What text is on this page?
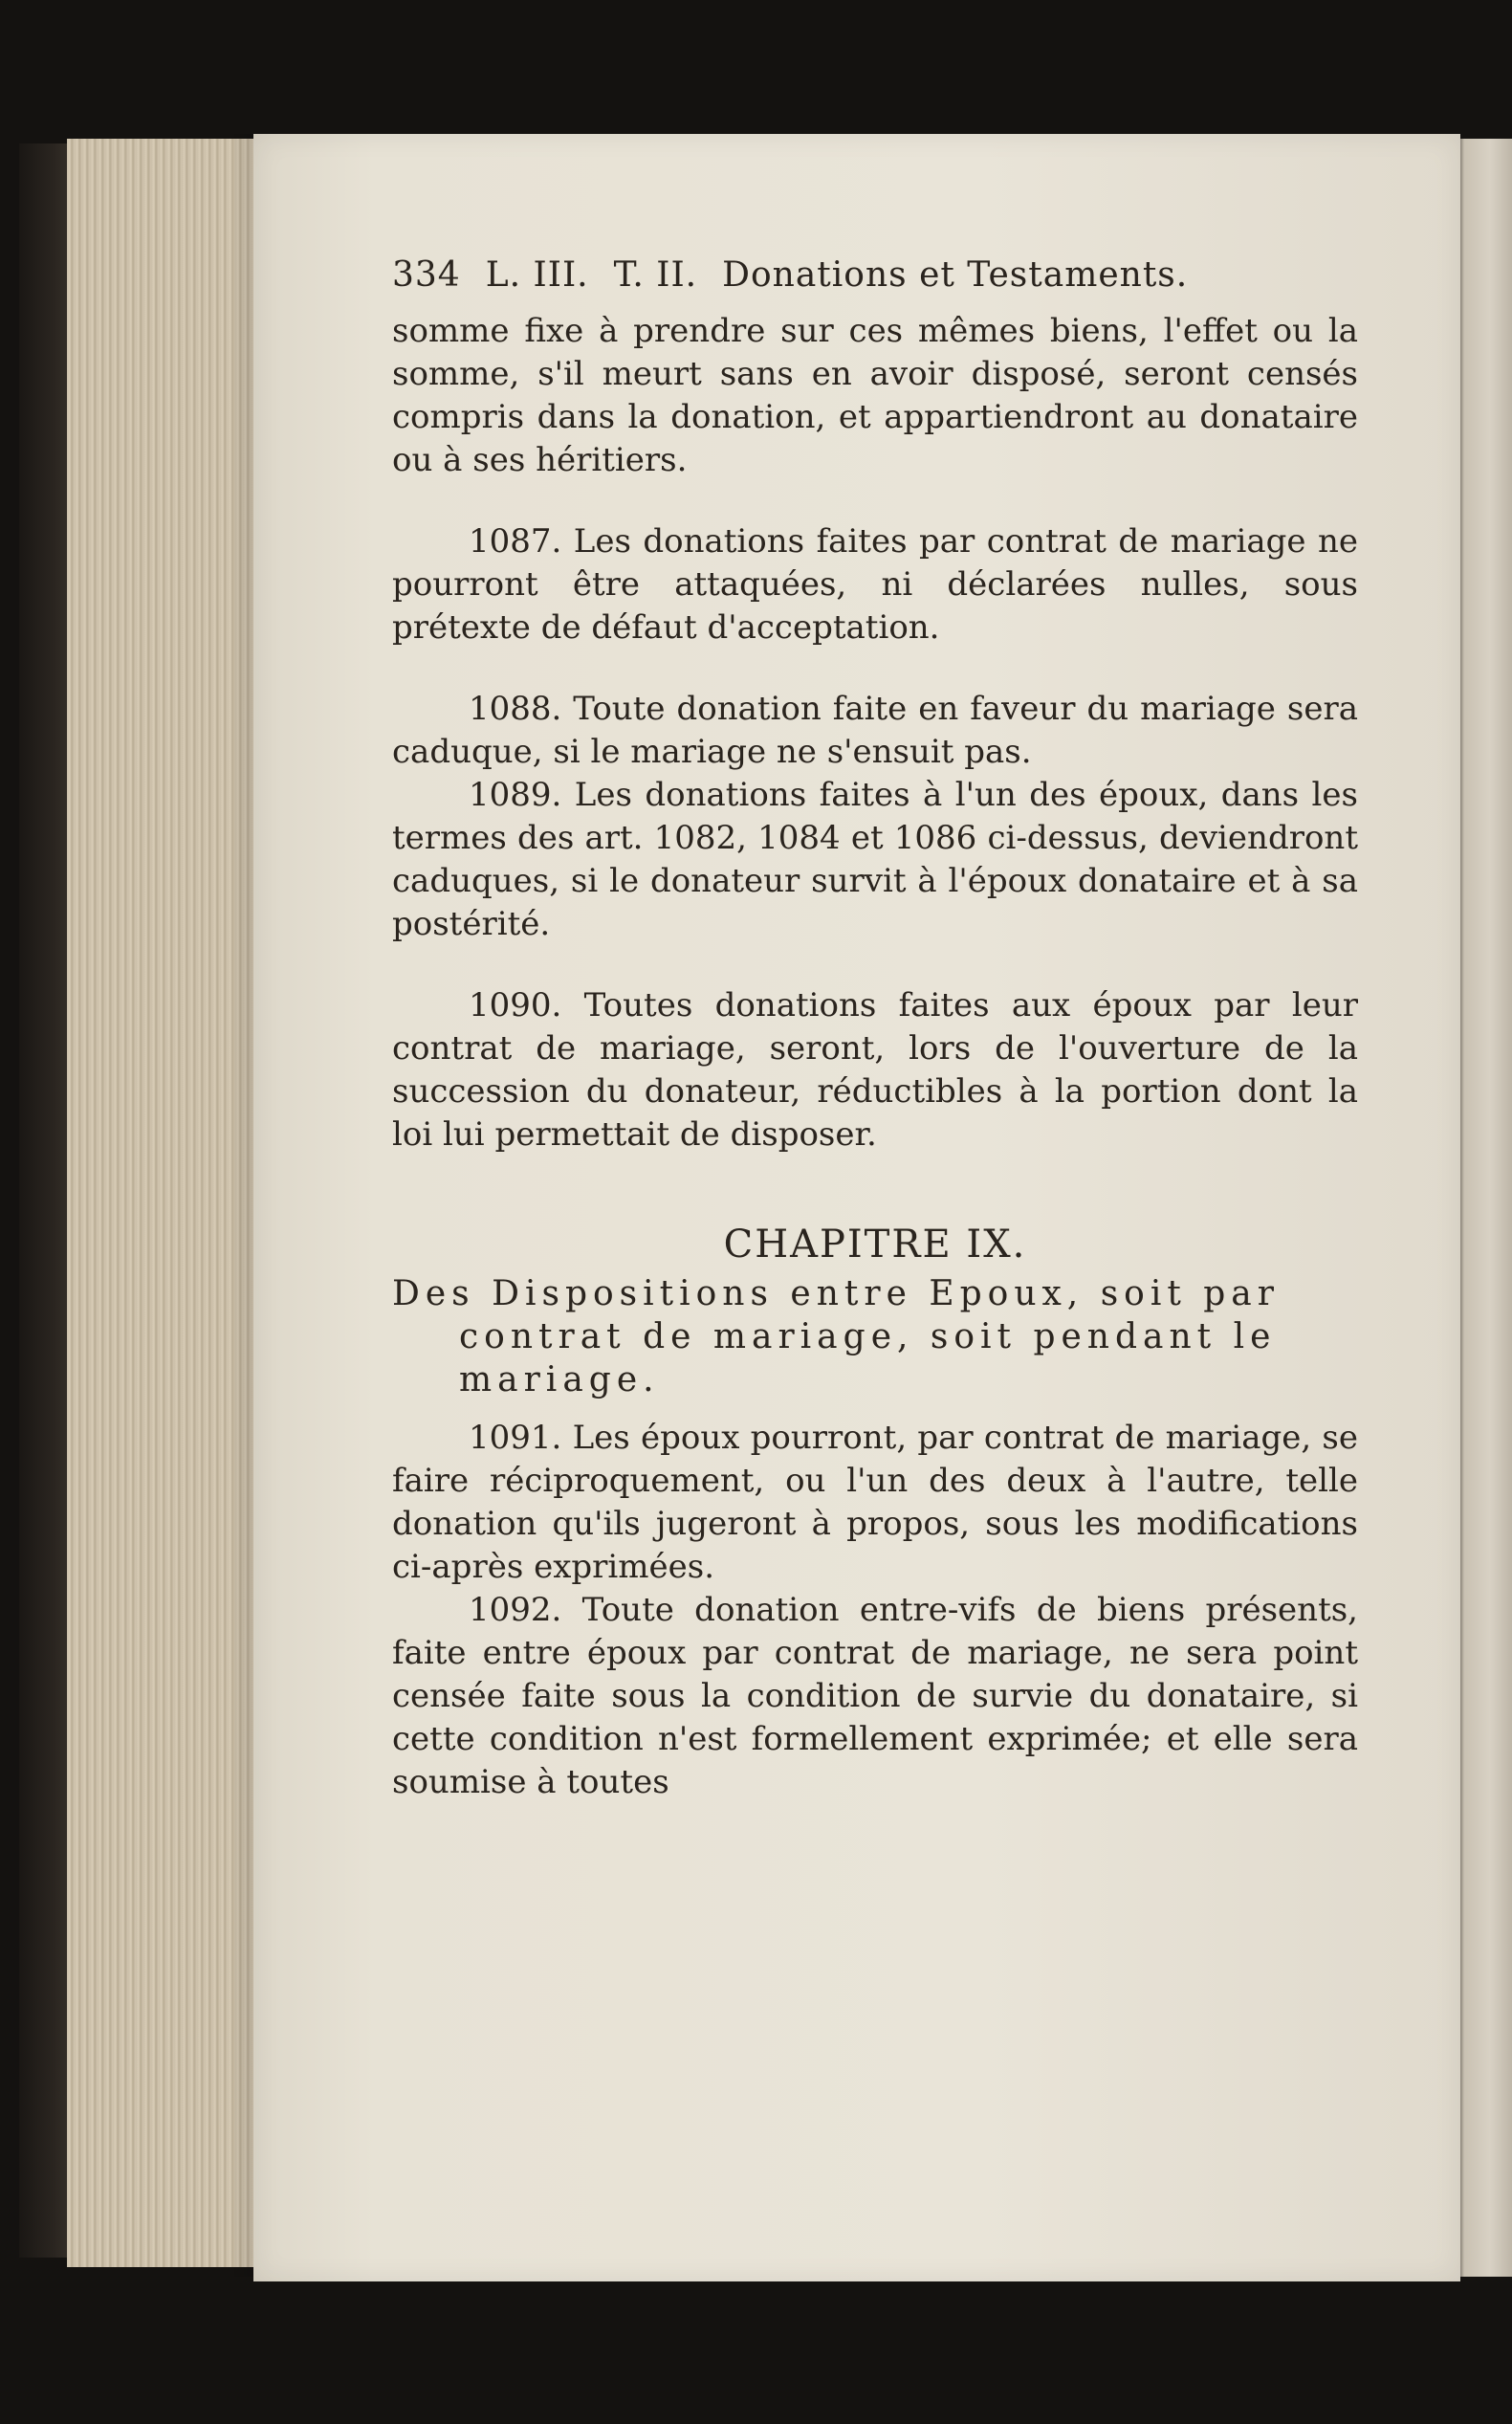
334 L. III. T. II. Donations et Testaments.

somme fixe à prendre sur ces mêmes biens, l'effet ou la somme, s'il meurt sans en avoir disposé, seront censés compris dans la donation, et appartiendront au donataire ou à ses héritiers.

1087. Les donations faites par contrat de mariage ne pourront être attaquées, ni déclarées nulles, sous prétexte de défaut d'acceptation.

1088. Toute donation faite en faveur du mariage sera caduque, si le mariage ne s'ensuit pas.

1089. Les donations faites à l'un des époux, dans les termes des art. 1082, 1084 et 1086 ci-dessus, deviendront caduques, si le donateur survit à l'époux donataire et à sa postérité.

1090. Toutes donations faites aux époux par leur contrat de mariage, seront, lors de l'ouverture de la succession du donateur, réductibles à la portion dont la loi lui permettait de disposer.

CHAPITRE IX.

Des Dispositions entre Epoux, soit par contrat de mariage, soit pendant le mariage.

1091. Les époux pourront, par contrat de mariage, se faire réciproquement, ou l'un des deux à l'autre, telle donation qu'ils jugeront à propos, sous les modifications ci-après exprimées.

1092. Toute donation entre-vifs de biens présents, faite entre époux par contrat de mariage, ne sera point censée faite sous la condition de survie du donataire, si cette condition n'est formellement exprimée; et elle sera soumise à toutes
